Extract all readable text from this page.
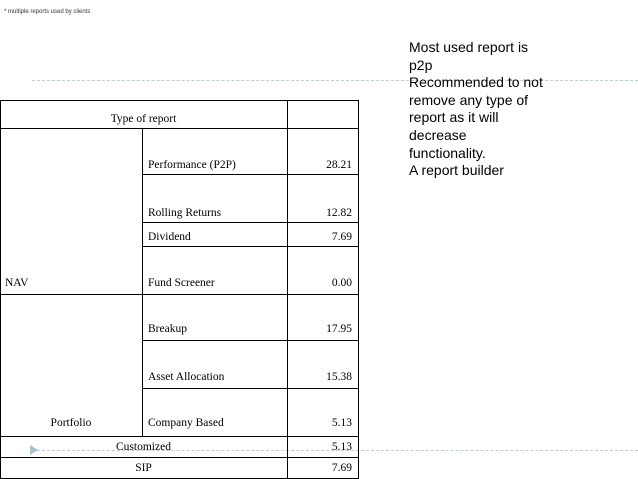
* multiple reports used by clients
Most used report is
p2p
Recommended to not
remove any type of
report as it will
decrease
functionality.
A report builder
Type of report
NAV
Portfolio
Customized
SIP
Performance (P2P)
Rolling Returns
Dividend
Fund Screener
Breakup
Asset Allocation
Company Based
28.21
12.82
7.69
0.00
17.95
15.38
5.13
5.13
7.69
